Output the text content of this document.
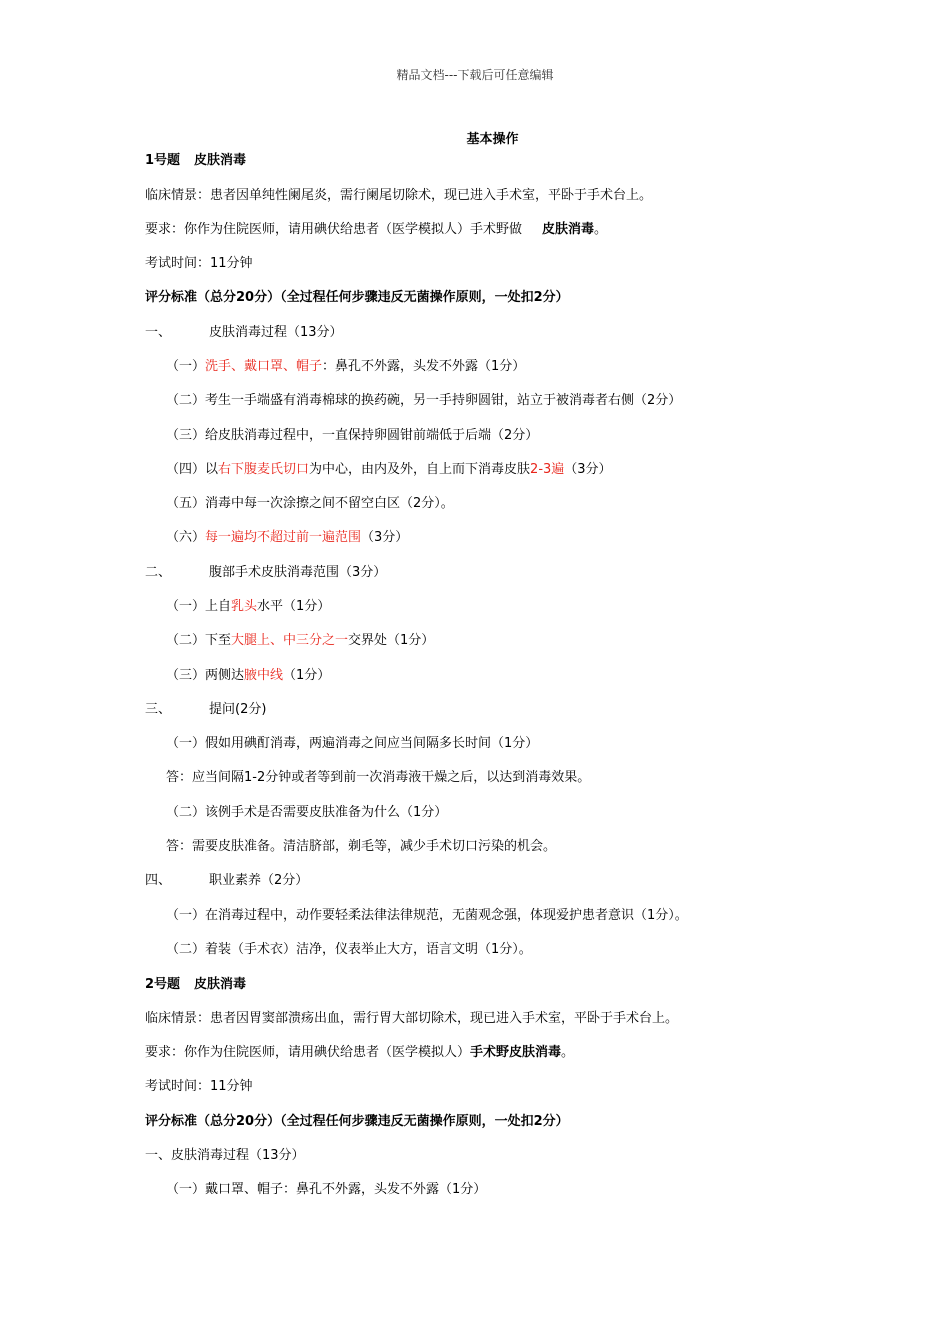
精品文档---下载后可任意编辑
基本操作
1号题 皮肤消毒
临床情景：患者因单纯性阑尾炎，需行阑尾切除术，现已进入手术室，平卧于手术台上。
要求：你作为住院医师，请用碘伏给患者（医学模拟人）手术野做 皮肤消毒。
考试时间：11分钟
评分标准（总分20分）（全过程任何步骤违反无菌操作原则，一处扣2分）
一、	皮肤消毒过程（13分）
（一）洗手、戴口罩、帽子：鼻孔不外露，头发不外露（1分）
（二）考生一手端盛有消毒棉球的换药碗，另一手持卵圆钳，站立于被消毒者右侧（2分）
（三）给皮肤消毒过程中，一直保持卵圆钳前端低于后端（2分）
（四）以右下腹麦氏切口为中心，由内及外，自上而下消毒皮肤2-3遍（3分）
（五）消毒中每一次涂擦之间不留空白区（2分）。
（六）每一遍均不超过前一遍范围（3分）
二、	腹部手术皮肤消毒范围（3分）
（一）上自乳头水平（1分）
（二）下至大腿上、中三分之一交界处（1分）
（三）两侧达腋中线（1分）
三、	提问(2分)
（一）假如用碘酊消毒，两遍消毒之间应当间隔多长时间（1分）
答：应当间隔1-2分钟或者等到前一次消毒液干燥之后，以达到消毒效果。
（二）该例手术是否需要皮肤准备为什么（1分）
答：需要皮肤准备。清洁脐部，剃毛等，减少手术切口污染的机会。
四、	职业素养（2分）
（一）在消毒过程中，动作要轻柔法律法律规范，无菌观念强，体现爱护患者意识（1分）。
（二）着装（手术衣）洁净，仪表举止大方，语言文明（1分）。
2号题 皮肤消毒
临床情景：患者因胃窦部溃疡出血，需行胃大部切除术，现已进入手术室，平卧于手术台上。
要求：你作为住院医师，请用碘伏给患者（医学模拟人）手术野皮肤消毒。
考试时间：11分钟
评分标准（总分20分）（全过程任何步骤违反无菌操作原则，一处扣2分）
一、皮肤消毒过程（13分）
（一）戴口罩、帽子：鼻孔不外露，头发不外露（1分）
